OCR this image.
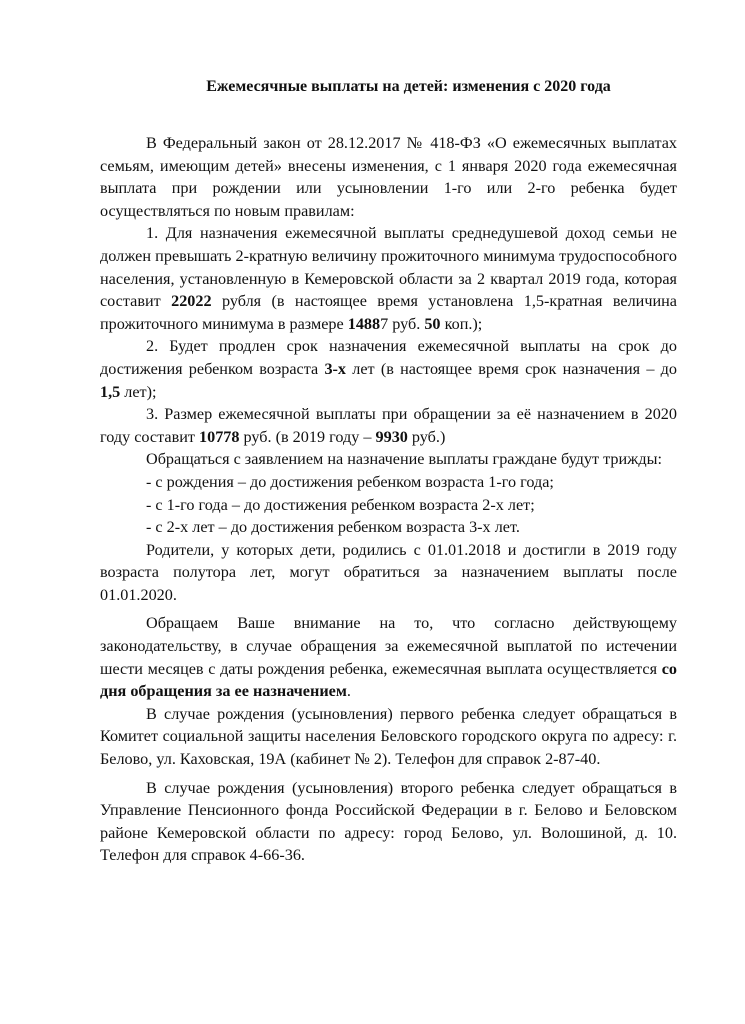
Ежемесячные выплаты на детей: изменения с 2020 года

В Федеральный закон от 28.12.2017 № 418-ФЗ «О ежемесячных выплатах семьям, имеющим детей» внесены изменения, с 1 января 2020 года ежемесячная выплата при рождении или усыновлении 1-го или 2-го ребенка будет осуществляться по новым правилам:

1. Для назначения ежемесячной выплаты среднедушевой доход семьи не должен превышать 2-кратную величину прожиточного минимума трудоспособного населения, установленную в Кемеровской области за 2 квартал 2019 года, которая составит 22022 рубля (в настоящее время установлена 1,5-кратная величина прожиточного минимума в размере 14887 руб. 50 коп.);

2. Будет продлен срок назначения ежемесячной выплаты на срок до достижения ребенком возраста 3-х лет (в настоящее время срок назначения – до 1,5 лет);

3. Размер ежемесячной выплаты при обращении за её назначением в 2020 году составит 10778 руб. (в 2019 году – 9930 руб.)

Обращаться с заявлением на назначение выплаты граждане будут трижды:

- с рождения – до достижения ребенком возраста 1-го года;

- с 1-го года – до достижения ребенком возраста 2-х лет;

- с 2-х лет – до достижения ребенком возраста 3-х лет.

Родители, у которых дети, родились с 01.01.2018 и достигли в 2019 году возраста полутора лет, могут обратиться за назначением выплаты после 01.01.2020.

Обращаем Ваше внимание на то, что согласно действующему законодательству, в случае обращения за ежемесячной выплатой по истечении шести месяцев с даты рождения ребенка, ежемесячная выплата осуществляется со дня обращения за ее назначением.

В случае рождения (усыновления) первого ребенка следует обращаться в Комитет социальной защиты населения Беловского городского округа по адресу: г. Белово, ул. Каховская, 19А (кабинет № 2). Телефон для справок 2-87-40.

В случае рождения (усыновления) второго ребенка следует обращаться в Управление Пенсионного фонда Российской Федерации в г. Белово и Беловском районе Кемеровской области по адресу: город Белово, ул. Волошиной, д. 10. Телефон для справок 4-66-36.
